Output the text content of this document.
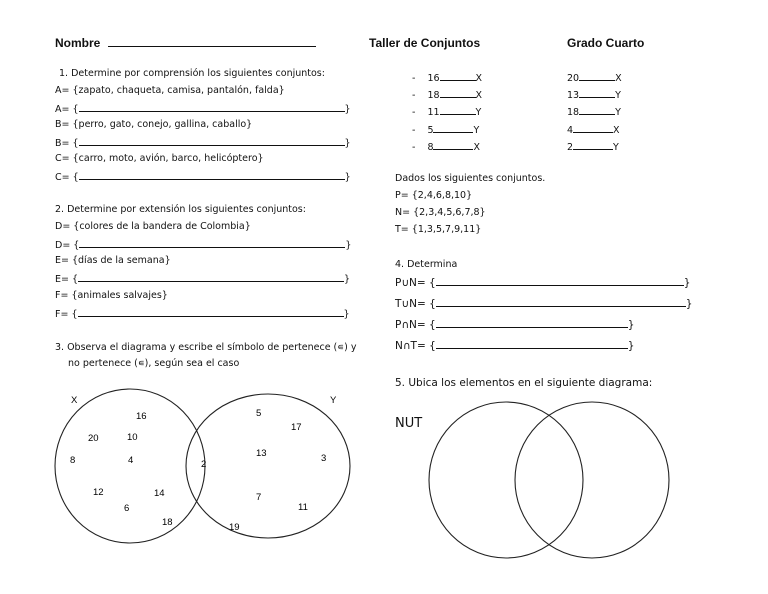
Nombre	Taller de Conjuntos	Grado Cuarto
1. Determine por comprensión los siguientes conjuntos:
A= {zapato, chaqueta, camisa, pantalón, falda}
A= {	}
B= {perro, gato, conejo, gallina, caballo}
B= {	}
C= {carro, moto, avión, barco, helicóptero}
C= {	}
2. Determine por extensión los siguientes conjuntos:
D= {colores de la bandera de Colombia}
D= {	}
E= {días de la semana}
E= {	}
F= {animales salvajes}
F= {	}
3. Observa el diagrama y escribe el símbolo de pertenece (∊) y
no pertenece (∊), según sea el caso
X	Y
16
20	10
8	4
12	14
6
18
2
5
17
13	3
7
11
19
- 16	X
- 18	X
- 11	Y
- 5	Y
- 8	X
20	X
13	Y
18	Y
4	X
2	Y
Dados los siguientes conjuntos.
P= {2,4,6,8,10}
N= {2,3,4,5,6,7,8}
T= {1,3,5,7,9,11}
4. Determina
P∪N= {	}
T∪N= {	}
P∩N= {	}
N∩T= {	}
5. Ubica los elementos en el siguiente diagrama:
NUT
